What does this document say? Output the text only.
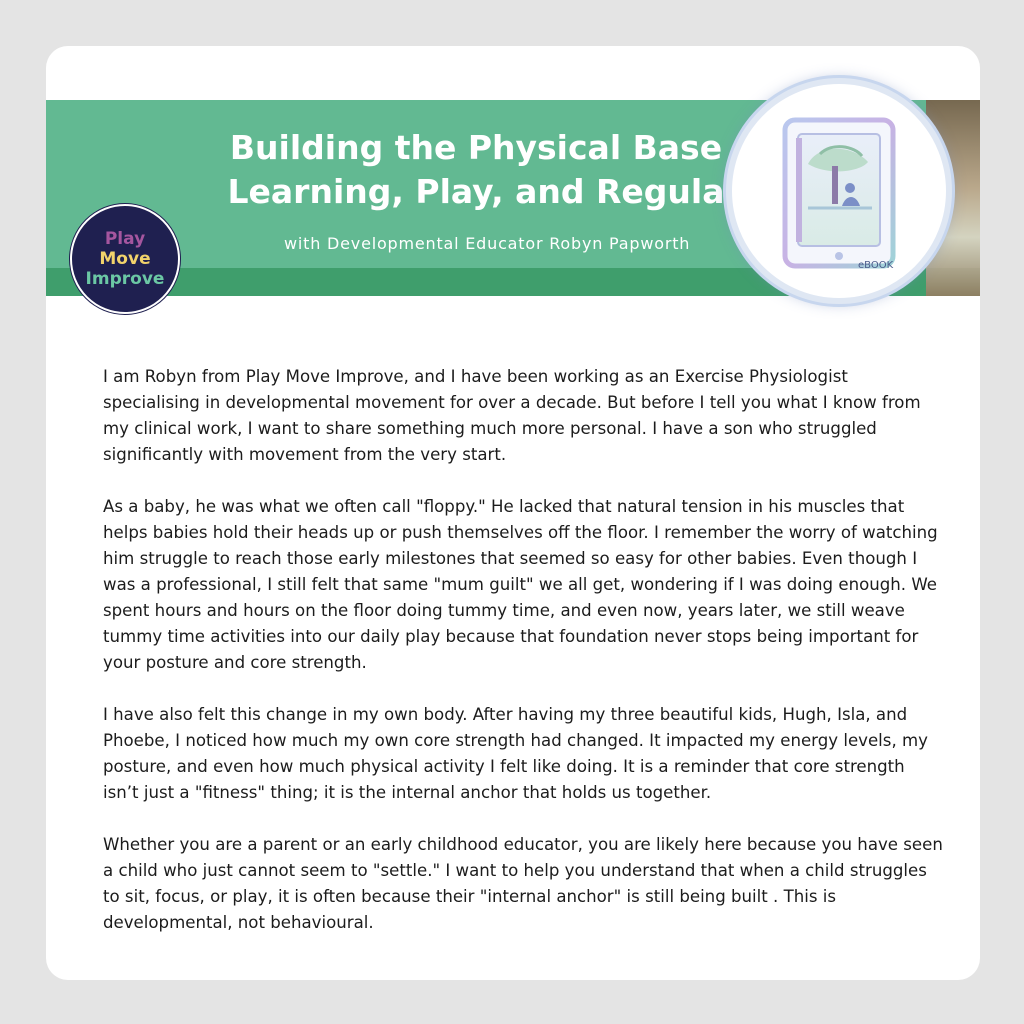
Building the Physical Base
Learning, Play, and Regula
with Developmental Educator Robyn Papworth
Play
Move
Improve
eBOOK

I am Robyn from Play Move Improve, and I have been working as an Exercise Physiologist specialising in developmental movement for over a decade. But before I tell you what I know from my clinical work, I want to share something much more personal. I have a son who struggled significantly with movement from the very start.

As a baby, he was what we often call "floppy." He lacked that natural tension in his muscles that helps babies hold their heads up or push themselves off the floor. I remember the worry of watching him struggle to reach those early milestones that seemed so easy for other babies. Even though I was a professional, I still felt that same "mum guilt" we all get, wondering if I was doing enough. We spent hours and hours on the floor doing tummy time, and even now, years later, we still weave tummy time activities into our daily play because that foundation never stops being important for your posture and core strength.

I have also felt this change in my own body. After having my three beautiful kids, Hugh, Isla, and Phoebe, I noticed how much my own core strength had changed. It impacted my energy levels, my posture, and even how much physical activity I felt like doing. It is a reminder that core strength isn’t just a "fitness" thing; it is the internal anchor that holds us together.

Whether you are a parent or an early childhood educator, you are likely here because you have seen a child who just cannot seem to "settle." I want to help you understand that when a child struggles to sit, focus, or play, it is often because their "internal anchor" is still being built . This is developmental, not behavioural.
